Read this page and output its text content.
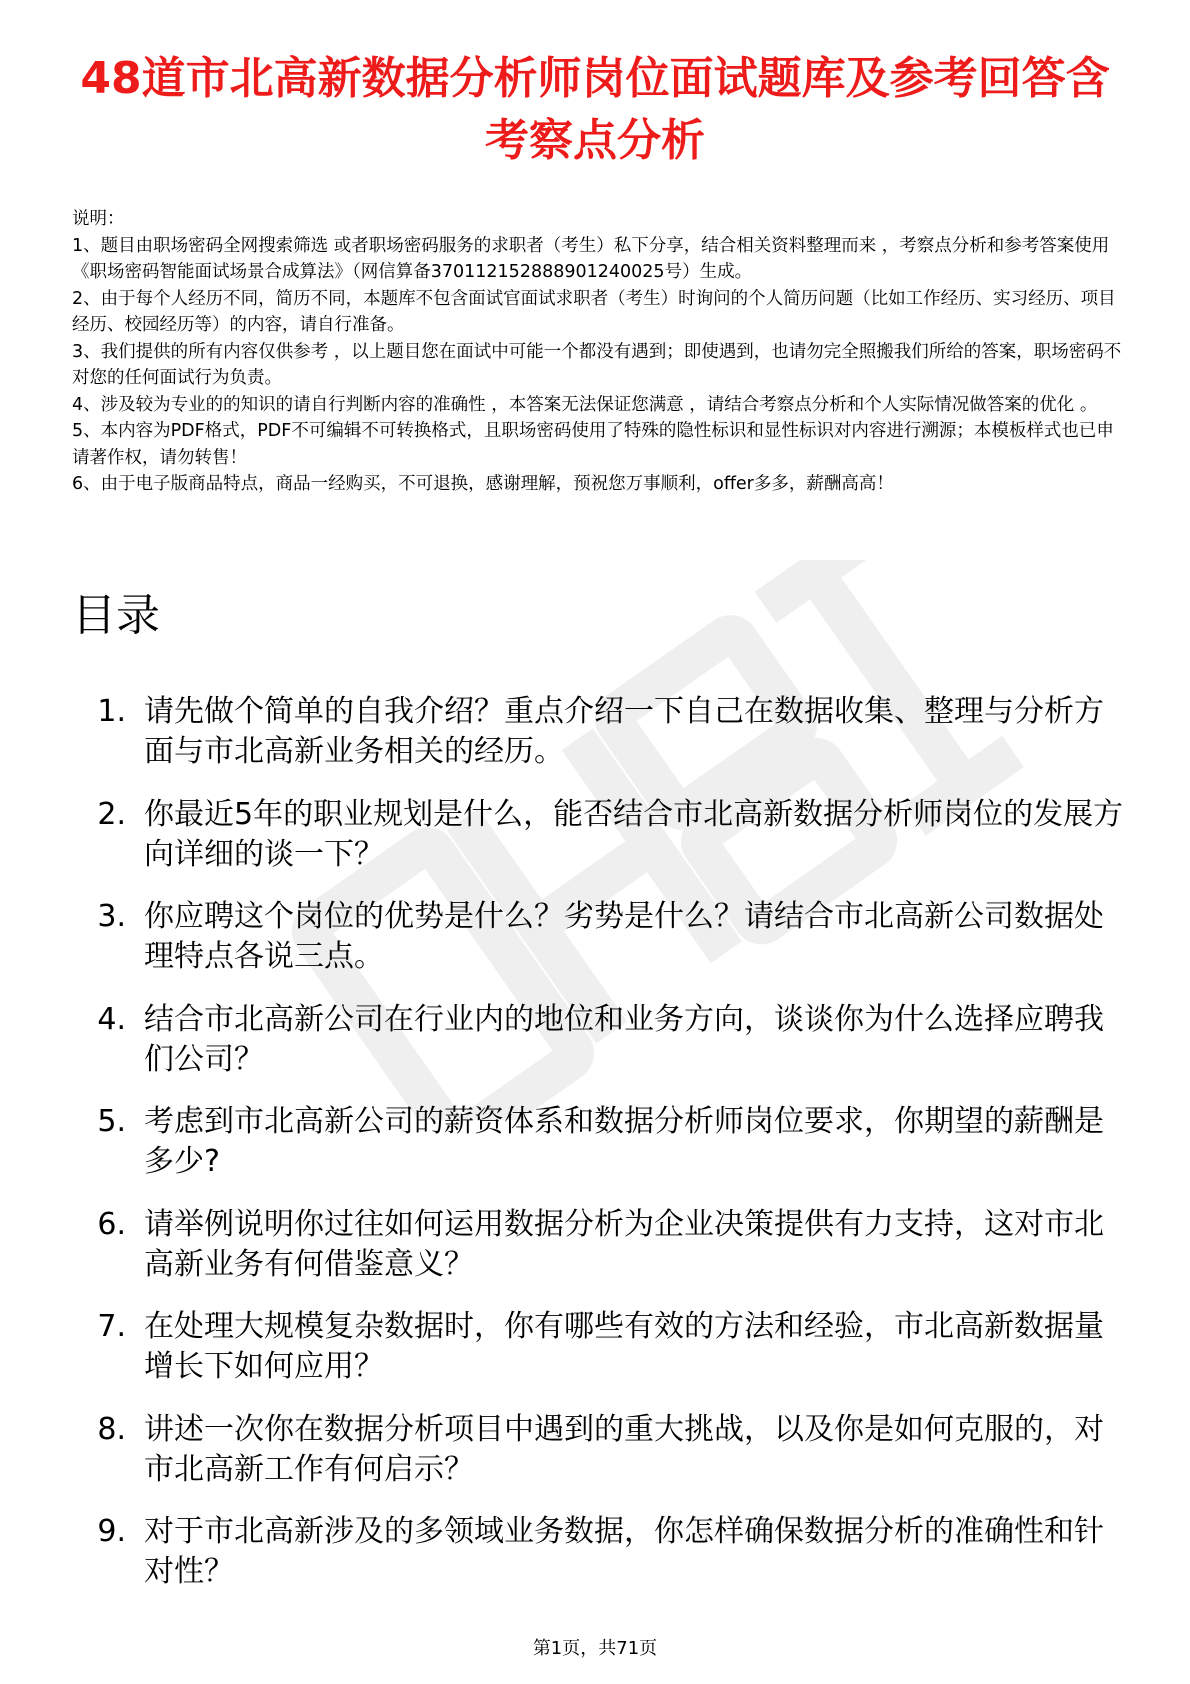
48道市北高新数据分析师岗位面试题库及参考回答含考察点分析
说明：
1、题目由职场密码全网搜索筛选 或者职场密码服务的求职者（考生）私下分享，结合相关资料整理而来 ，考察点分析和参考答案使用《职场密码智能面试场景合成算法》（网信算备370112152888901240025号）生成。
2、由于每个人经历不同，简历不同，本题库不包含面试官面试求职者（考生）时询问的个人简历问题（比如工作经历、实习经历、项目经历、校园经历等）的内容，请自行准备。
3、我们提供的所有内容仅供参考 ，以上题目您在面试中可能一个都没有遇到；即使遇到，也请勿完全照搬我们所给的答案，职场密码不对您的任何面试行为负责。
4、涉及较为专业的的知识的请自行判断内容的准确性 ，本答案无法保证您满意 ，请结合考察点分析和个人实际情况做答案的优化 。
5、本内容为PDF格式，PDF不可编辑不可转换格式，且职场密码使用了特殊的隐性标识和显性标识对内容进行溯源；本模板样式也已申请著作权，请勿转售！
6、由于电子版商品特点，商品一经购买，不可退换，感谢理解，预祝您万事顺利，offer多多，薪酬高高！
目录
1. 请先做个简单的自我介绍？重点介绍一下自己在数据收集、整理与分析方面与市北高新业务相关的经历。
2. 你最近5年的职业规划是什么，能否结合市北高新数据分析师岗位的发展方向详细的谈一下？
3. 你应聘这个岗位的优势是什么？劣势是什么？请结合市北高新公司数据处理特点各说三点。
4. 结合市北高新公司在行业内的地位和业务方向，谈谈你为什么选择应聘我们公司？
5. 考虑到市北高新公司的薪资体系和数据分析师岗位要求，你期望的薪酬是多少?
6. 请举例说明你过往如何运用数据分析为企业决策提供有力支持，这对市北高新业务有何借鉴意义？
7. 在处理大规模复杂数据时，你有哪些有效的方法和经验，市北高新数据量增长下如何应用？
8. 讲述一次你在数据分析项目中遇到的重大挑战，以及你是如何克服的，对市北高新工作有何启示？
9. 对于市北高新涉及的多领域业务数据，你怎样确保数据分析的准确性和针对性？
第1页，共71页
